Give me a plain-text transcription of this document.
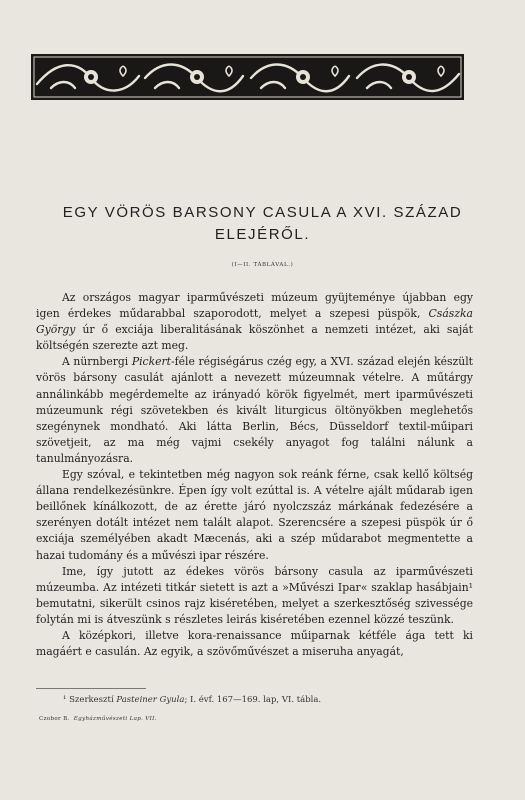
EGY VÖRÖS BARSONY CASULA A XVI. SZÁZAD
ELEJÉRŐL.
(I—II. TÁBLÁVAL.)

Az országos magyar iparművészeti múzeum gyüjteménye újabban egy igen érdekes műdarabbal szaporodott, melyet a szepesi püspök, Császka György úr ő exciája liberalitásának köszönhet a nemzeti intézet, aki saját költségén szerezte azt meg.

A nürnbergi Pickert-féle régiségárus czég egy, a XVI. század elején készült vörös bársony casulát ajánlott a nevezett múzeumnak vételre. A műtárgy annálinkább megérdemelte az irányadó körök figyelmét, mert iparművészeti múzeumunk régi szövetekben és kivált liturgicus öltönyökben meglehetős szegénynek mondható. Aki látta Berlin, Bécs, Düsseldorf textil-műipari szövetjeit, az ma még vajmi csekély anyagot fog találni nálunk a tanulmányozásra.

Egy szóval, e tekintetben még nagyon sok reánk férne, csak kellő költség állana rendelkezésünkre. Épen így volt ezúttal is. A vételre ajált műdarab igen beillőnek kínálkozott, de az érette járó nyolczszáz márkának fedezésére a szerényen dotált intézet nem talált alapot. Szerencsére a szepesi püspök úr ő exciája személyében akadt Mæcenás, aki a szép műdarabot megmentette a hazai tudomány és a művészi ipar részére.

Ime, így jutott az édekes vörös bársony casula az iparművészeti múzeumba. Az intézeti titkár sietett is azt a »Művészi Ipar« szaklap hasábjain¹ bemutatni, sikerült csinos rajz kiséretében, melyet a szerkesztőség szivessége folytán mi is átveszünk s részletes leirás kiséretében ezennel közzé teszünk.

A középkori, illetve kora-renaissance műiparnak kétféle ága tett ki magáért e casulán. Az egyik, a szövőművészet a miseruha anyagát,

¹ Szerkesztí Pasteiner Gyula; I. évf. 167—169. lap, VI. tábla.
Czobor B. Egyházművészeti Lap. VII.
